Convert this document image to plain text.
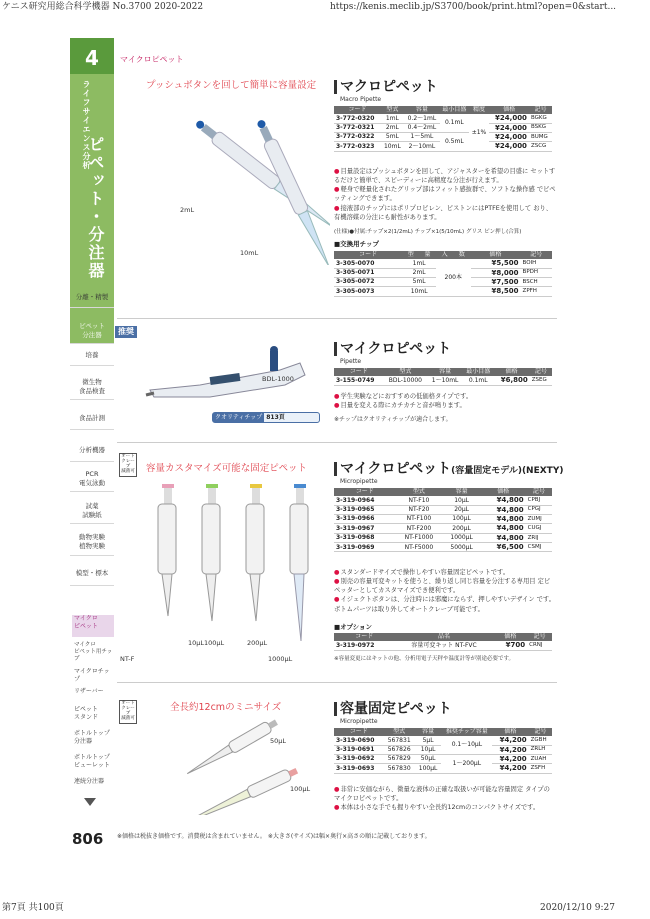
ケニス研究用総合科学機器 No.3700 2020-2022	https://kenis.meclib.jp/S3700/book/print.html?open=0&start...
第7頁 共100頁	2020/12/10 9:27
4
ライフサイエンス分析
ピペット・分注器
分離・精製
ピペット
分注器
培養
微生物
食品検査
食品計測
分析機器
PCR
電気泳動
試薬
試験紙
動物実験
植物実験
模型・標本
マイクロ
ピペット
マイクロ
ピペット用チップ
マイクロチップ
リザーバー
ピペット
スタンド
ボトルトップ
分注器
ボトルトップ
ビューレット
連続分注器
806
マイクロピペット
プッシュボタンを回して簡単に容量設定
2mL
10mL
マクロピペット
Macro Pipette
コード	型式	容量	最小目盛	精度	価格	記号
3-772-0320	1mL	0.2〜1mL	0.1mL	±1%	¥24,000	BGKG
3-772-0321	2mL	0.4〜2mL			¥24,000	BSKG
3-772-0322	5mL	1〜5mL	0.5mL		¥24,000	BUMG
3-772-0323	10mL	2〜10mL			¥24,000	ZSCG
●目量設定はプッシュボタンを回して、アジャスターを希望の目盛に セットするだけと簡単で、スピーディーに高精度な分注が行えます。
●軽身で軽量化されたグリップ部はフィット感抜群で、ソフトな操作感 でピペッティングできます。
●接液部のチップにはポリプロピレン、ピストンにはPTFEを使用して おり、有機溶媒の分注にも耐性があります。
(仕様)●付属:チップ×2(1/2mL) チップ×1(5/10mL) グリス ピン押し(合算)
■交換用チップ
コード	型	量	入	数	価格	記号
3-305-0070	1mL		200本		¥5,500	BOIH
3-305-0071	2mL				¥8,000	BPDH
3-305-0072	5mL				¥7,500	BSCH
3-305-0073	10mL				¥8,500	ZPFH
推奨
BDL-1000
クオリティチップ 813頁
マイクロピペット
Pipette
コード	型式	容量	最小目盛	価格	記号
3-155-0749	BDL-10000	1〜10mL	0.1mL	¥6,800	ZSEG
●学生実験などにおすすめの低価格タイプです。
●目量を変える際にカチカチと音が鳴ります。
※チップはクオリティチップが適合します。
オートクレーブ
滅菌可 容量カスタマイズ可能な固定ピペット
10μL 100μL	200μL
1000μL
NT-F
マイクロピペット(容量固定モデル)(NEXTY)
Micropipette
コード	型式	容量	価格	記号
3-319-0964	NT-F10	10μL	¥4,800	CPBJ
3-319-0965	NT-F20	20μL	¥4,800	CPGJ
3-319-0966	NT-F100	100μL	¥4,800	ZUMJ
3-319-0967	NT-F200	200μL	¥4,800	CUGJ
3-319-0968	NT-F1000	1000μL	¥4,800	ZRIJ
3-319-0969	NT-F5000	5000μL	¥6,500	CSMJ
●スタンダードサイズで操作しやすい容量固定ピペットです。
●別売の容量可変キットを使うと、繰り返し同じ容量を分注する専用目 定ピペッターとしてカスタマイズでき便利です。
●イジェクトボタンは、分注時には邪魔にならず、押しやすいデザイン です。ボトムパーツは取り外してオートクレーブ可能です。
■オプション
コード	品名	価格	記号
3-319-0972	容量可変キット NT-FVC	¥700	CRNJ
※容量変更にはキットの他、分析用電子天秤や温度計等が別途必要です。
オートクレーブ
滅菌可
全長約12cmのミニサイズ
50μL
100μL
容量固定ピペット
Micropipette
コード	型式	容量	推奨チップ容量	価格	記号
3-319-0690	567831	5μL	0.1〜10μL	¥4,200	ZGBH
3-319-0691	567826	10μL		¥4,200	ZRLH
3-319-0692	567829	50μL	1〜200μL	¥4,200	ZUAH
3-319-0693	567830	100μL		¥4,200	ZSFH
●非常に安価ながら、微量な液体の正確な取扱いが可能な容量固定 タイプのマイクロピペットです。
●本体は小さな手でも握りやすい全長約12cmのコンパクトサイズです。
※価格は税抜き価格です。消費税は含まれていません。 ※大きさ(サイズ)は幅×奥行×高さの順に記載しております。
